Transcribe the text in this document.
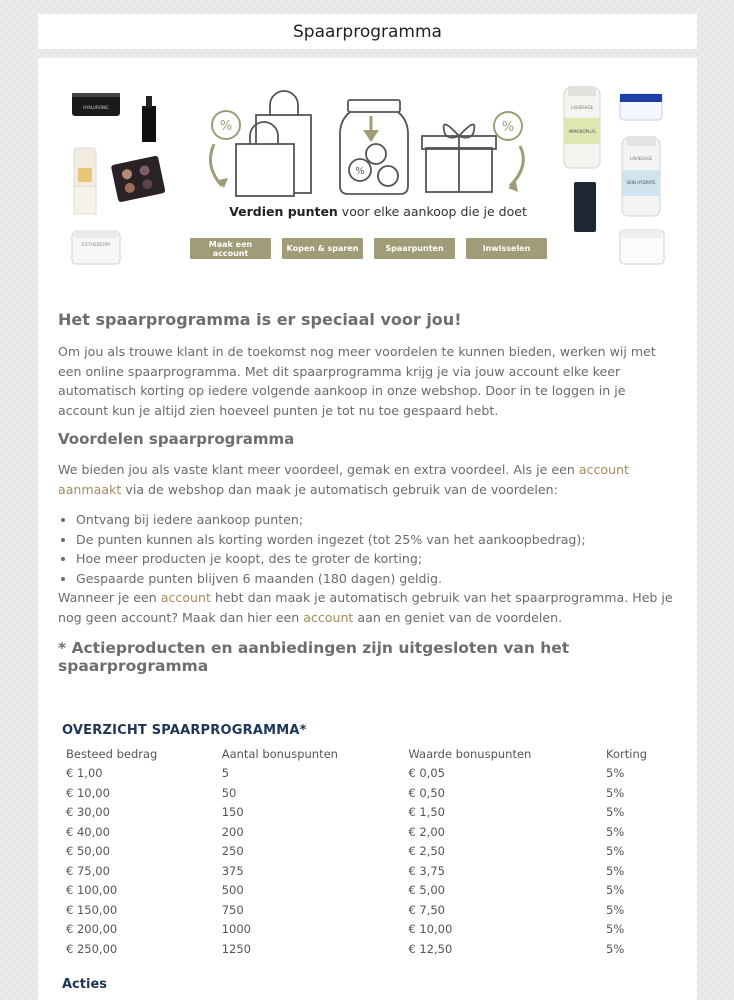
Spaarprogramma
HYALURONIC
ESTHEDERM
%
%
%
LAVIESAGE
IMMUNOPLUS
LAVIESAGE
SKIN HYDRATE
Verdien punten voor elke aankoop die je doet
Maak een account	Kopen & sparen	Spaarpunten	Inwisselen
Het spaarprogramma is er speciaal voor jou!

Om jou als trouwe klant in de toekomst nog meer voordelen te kunnen bieden, werken wij met een online spaarprogramma. Met dit spaarprogramma krijg je via jouw account elke keer automatisch korting op iedere volgende aankoop in onze webshop. Door in te loggen in je account kun je altijd zien hoeveel punten je tot nu toe gespaard hebt.

Voordelen spaarprogramma

We bieden jou als vaste klant meer voordeel, gemak en extra voordeel. Als je een account aanmaakt via de webshop dan maak je automatisch gebruik van de voordelen:

• Ontvang bij iedere aankoop punten;
• De punten kunnen als korting worden ingezet (tot 25% van het aankoopbedrag);
• Hoe meer producten je koopt, des te groter de korting;
• Gespaarde punten blijven 6 maanden (180 dagen) geldig.

Wanneer je een account hebt dan maak je automatisch gebruik van het spaarprogramma. Heb je nog geen account? Maak dan hier een account aan en geniet van de voordelen.

* Actieproducten en aanbiedingen zijn uitgesloten van het spaarprogramma
OVERZICHT SPAARPROGRAMMA*
Besteed bedrag	Aantal bonuspunten	Waarde bonuspunten	Korting
€ 1,00	5	€ 0,05	5%
€ 10,00	50	€ 0,50	5%
€ 30,00	150	€ 1,50	5%
€ 40,00	200	€ 2,00	5%
€ 50,00	250	€ 2,50	5%
€ 75,00	375	€ 3,75	5%
€ 100,00	500	€ 5,00	5%
€ 150,00	750	€ 7,50	5%
€ 200,00	1000	€ 10,00	5%
€ 250,00	1250	€ 12,50	5%
Acties
